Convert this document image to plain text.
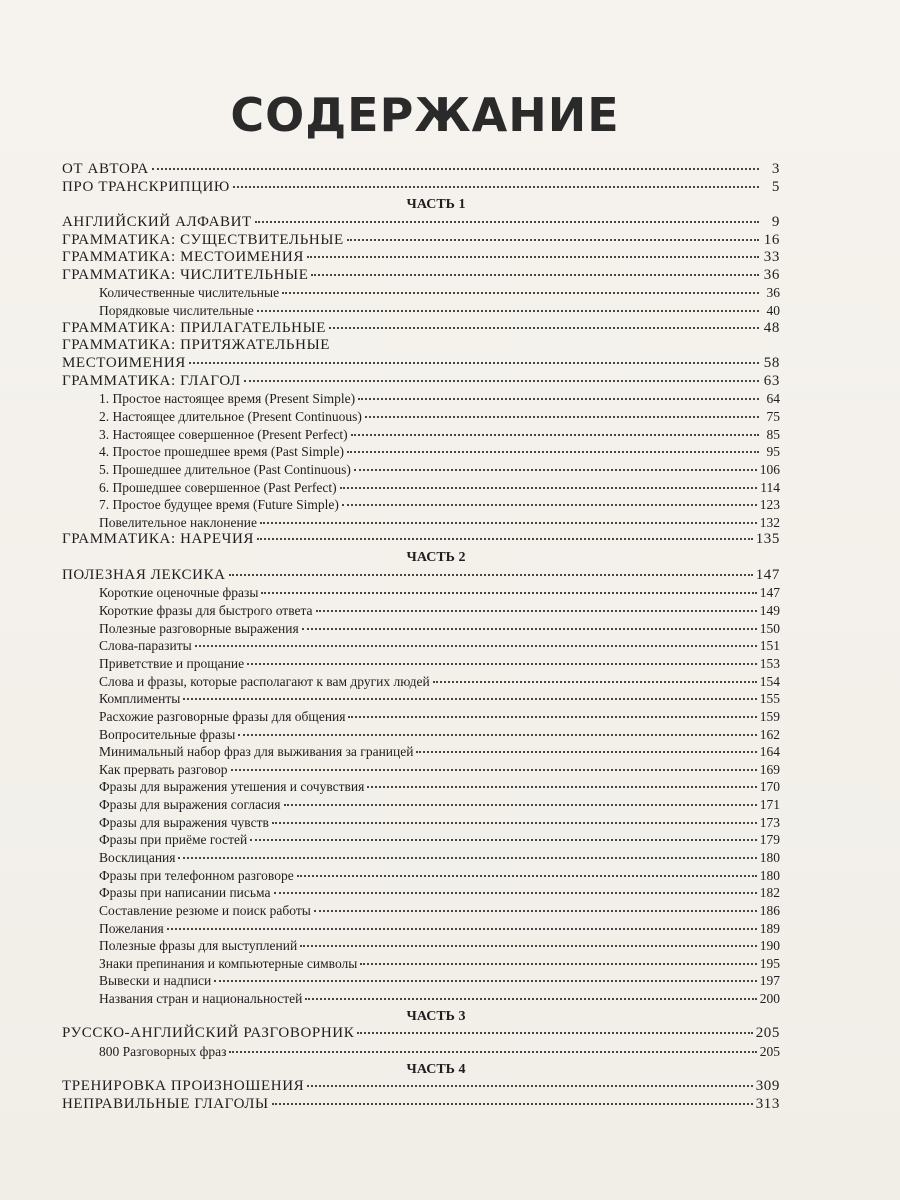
СОДЕРЖАНИЕ
ОТ АВТОРА	3
ПРО ТРАНСКРИПЦИЮ	5
ЧАСТЬ 1
АНГЛИЙСКИЙ АЛФАВИТ	9
ГРАММАТИКА: СУЩЕСТВИТЕЛЬНЫЕ	16
ГРАММАТИКА: МЕСТОИМЕНИЯ	33
ГРАММАТИКА: ЧИСЛИТЕЛЬНЫЕ	36
Количественные числительные	36
Порядковые числительные	40
ГРАММАТИКА: ПРИЛАГАТЕЛЬНЫЕ	48
ГРАММАТИКА: ПРИТЯЖАТЕЛЬНЫЕ
МЕСТОИМЕНИЯ	58
ГРАММАТИКА: ГЛАГОЛ	63
1. Простое настоящее время (Present Simple)	64
2. Настоящее длительное (Present Continuous)	75
3. Настоящее совершенное (Present Perfect)	85
4. Простое прошедшее время (Past Simple)	95
5. Прошедшее длительное (Past Continuous)	106
6. Прошедшее совершенное (Past Perfect)	114
7. Простое будущее время (Future Simple)	123
Повелительное наклонение	132
ГРАММАТИКА: НАРЕЧИЯ	135
ЧАСТЬ 2
ПОЛЕЗНАЯ ЛЕКСИКА	147
Короткие оценочные фразы	147
Короткие фразы для быстрого ответа	149
Полезные разговорные выражения	150
Слова-паразиты	151
Приветствие и прощание	153
Слова и фразы, которые располагают к вам других людей	154
Комплименты	155
Расхожие разговорные фразы для общения	159
Вопросительные фразы	162
Минимальный набор фраз для выживания за границей	164
Как прервать разговор	169
Фразы для выражения утешения и сочувствия	170
Фразы для выражения согласия	171
Фразы для выражения чувств	173
Фразы при приёме гостей	179
Восклицания	180
Фразы при телефонном разговоре	180
Фразы при написании письма	182
Составление резюме и поиск работы	186
Пожелания	189
Полезные фразы для выступлений	190
Знаки препинания и компьютерные символы	195
Вывески и надписи	197
Названия стран и национальностей	200
ЧАСТЬ 3
РУССКО-АНГЛИЙСКИЙ РАЗГОВОРНИК	205
800 Разговорных фраз	205
ЧАСТЬ 4
ТРЕНИРОВКА ПРОИЗНОШЕНИЯ	309
НЕПРАВИЛЬНЫЕ ГЛАГОЛЫ	313
